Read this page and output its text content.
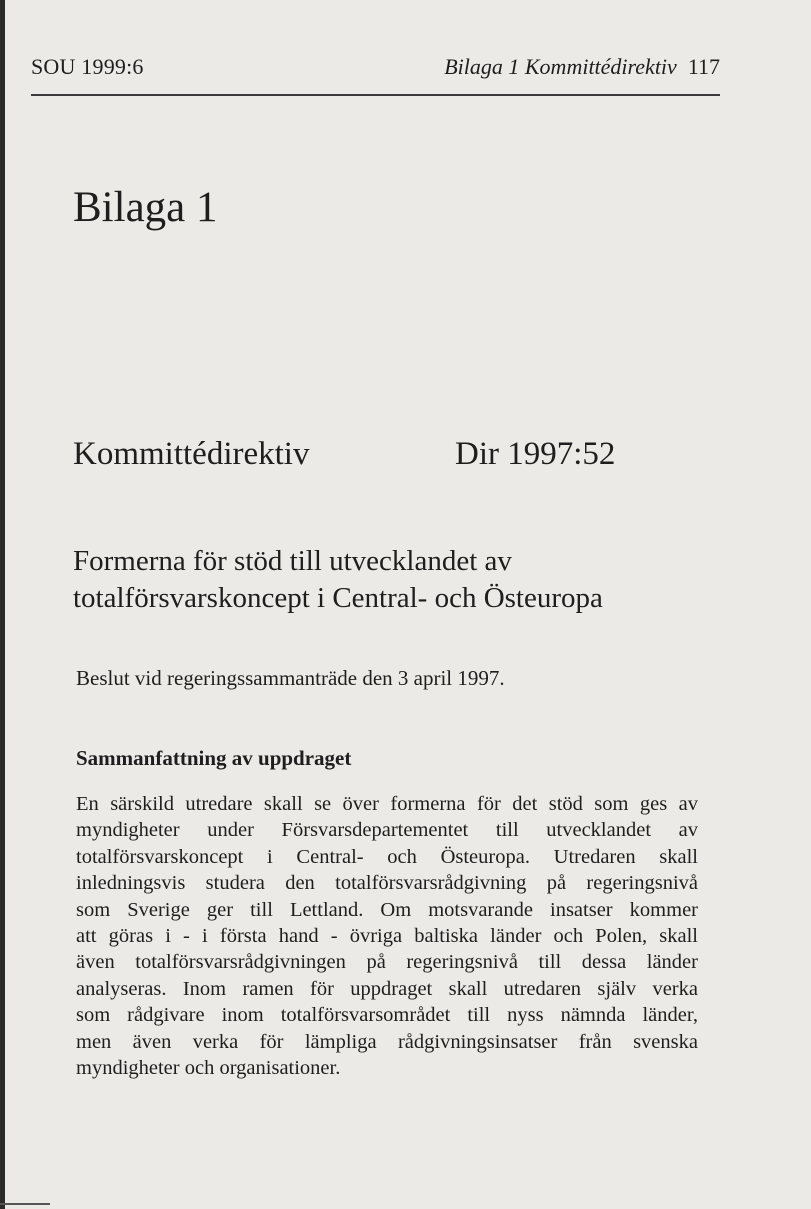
SOU 1999:6	Bilaga 1 Kommittédirektiv 117
Bilaga 1
Kommittédirektiv	Dir 1997:52
Formerna för stöd till utvecklandet av
totalförsvarskoncept i Central- och Östeuropa
Beslut vid regeringssammanträde den 3 april 1997.
Sammanfattning av uppdraget
En särskild utredare skall se över formerna för det stöd som ges av
myndigheter under Försvarsdepartementet till utvecklandet av
totalförsvarskoncept i Central- och Östeuropa. Utredaren skall
inledningsvis studera den totalförsvarsrådgivning på regeringsnivå
som Sverige ger till Lettland. Om motsvarande insatser kommer
att göras i - i första hand - övriga baltiska länder och Polen, skall
även totalförsvarsrådgivningen på regeringsnivå till dessa länder
analyseras. Inom ramen för uppdraget skall utredaren själv verka
som rådgivare inom totalförsvarsområdet till nyss nämnda länder,
men även verka för lämpliga rådgivningsinsatser från svenska
myndigheter och organisationer.
